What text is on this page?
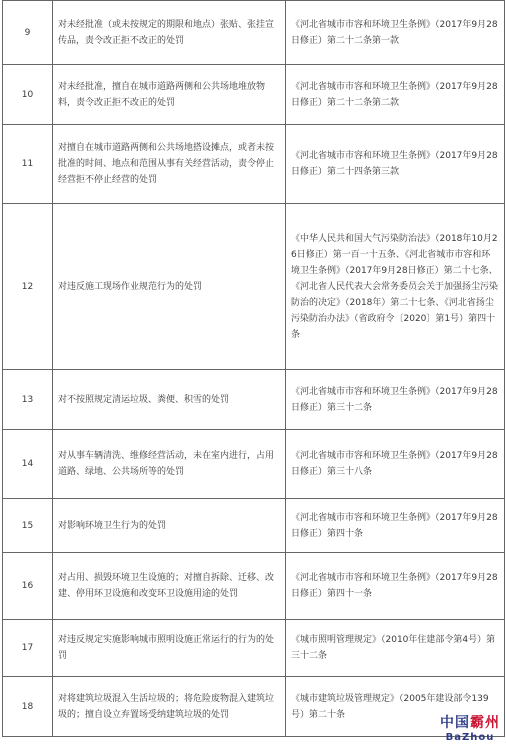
9	对未经批准（或未按规定的期限和地点）张贴、张挂宣传品，责令改正拒不改正的处罚	《河北省城市市容和环境卫生条例》（2017年9月28日修正）第二十二条第一款
10	对未经批准，擅自在城市道路两侧和公共场地堆放物料，责令改正拒不改正的处罚	《河北省城市市容和环境卫生条例》（2017年9月28日修正）第二十二条第二款
11	对擅自在城市道路两侧和公共场地搭设摊点，或者未按批准的时间、地点和范围从事有关经营活动，责令停止经营拒不停止经营的处罚	《河北省城市市容和环境卫生条例》（2017年9月28日修正）第二十四条第三款
12	对违反施工现场作业规范行为的处罚	《中华人民共和国大气污染防治法》（2018年10月26日修正）第一百一十五条、《河北省城市市容和环境卫生条例》（2017年9月28日修正）第二十七条、《河北省人民代表大会常务委员会关于加强扬尘污染防治的决定》（2018年）第二十七条、《河北省扬尘污染防治办法》（省政府令〔2020〕第1号）第四十条
13	对不按照规定清运垃圾、粪便、积雪的处罚	《河北省城市市容和环境卫生条例》（2017年9月28日修正）第三十二条
14	对从事车辆清洗、维修经营活动，未在室内进行，占用道路、绿地、公共场所等的处罚	《河北省城市市容和环境卫生条例》（2017年9月28日修正）第三十八条
15	对影响环境卫生行为的处罚	《河北省城市市容和环境卫生条例》（2017年9月28日修正）第四十条
16	对占用、损毁环境卫生设施的；对擅自拆除、迁移、改建、停用环卫设施和改变环卫设施用途的处罚	《河北省城市市容和环境卫生条例》（2017年9月28日修正）第四十一条
17	对违反规定实施影响城市照明设施正常运行的行为的处罚	《城市照明管理规定》（2010年住建部令第4号）第三十二条
18	对将建筑垃圾混入生活垃圾的；将危险废物混入建筑垃圾的；擅自设立弃置场受纳建筑垃圾的处罚	《城市建筑垃圾管理规定》（2005年建设部令139号）第二十条
中国霸州
BaZhou
